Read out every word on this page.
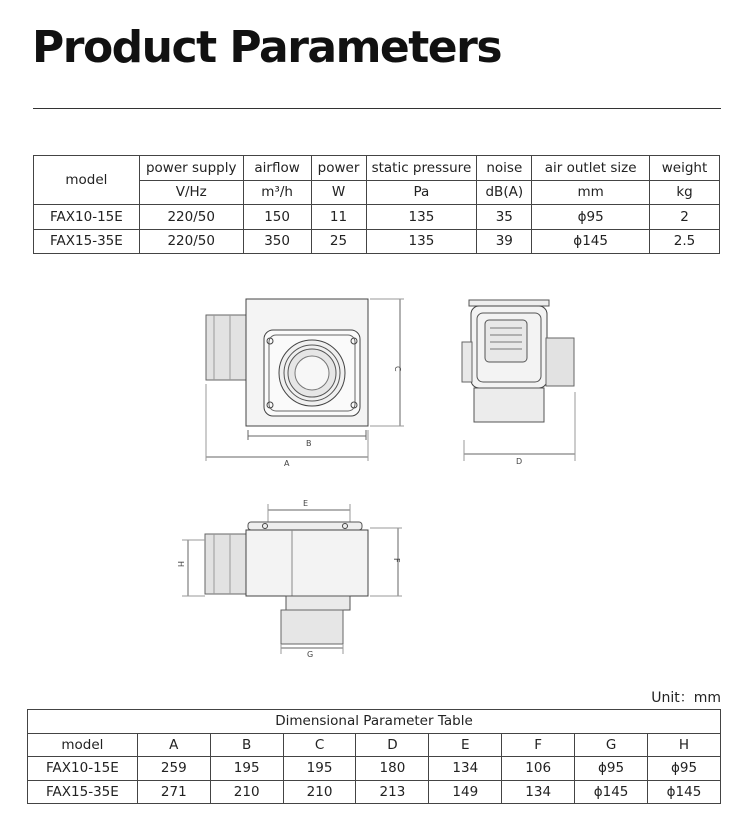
Product Parameters
model	power supply	airflow	power	static pressure	noise	air outlet size	weight
	V/Hz	m³/h	W	Pa	dB(A)	mm	kg
FAX10-15E	220/50	150	11	135	35	ϕ95	2
FAX15-35E	220/50	350	25	135	39	ϕ145	2.5
B
A
C
D
E
G
H
F
Unit：mm
Dimensional Parameter Table								
model	A	B	C	D	E	F	G	H
FAX10-15E	259	195	195	180	134	106	ϕ95	ϕ95
FAX15-35E	271	210	210	213	149	134	ϕ145	ϕ145
